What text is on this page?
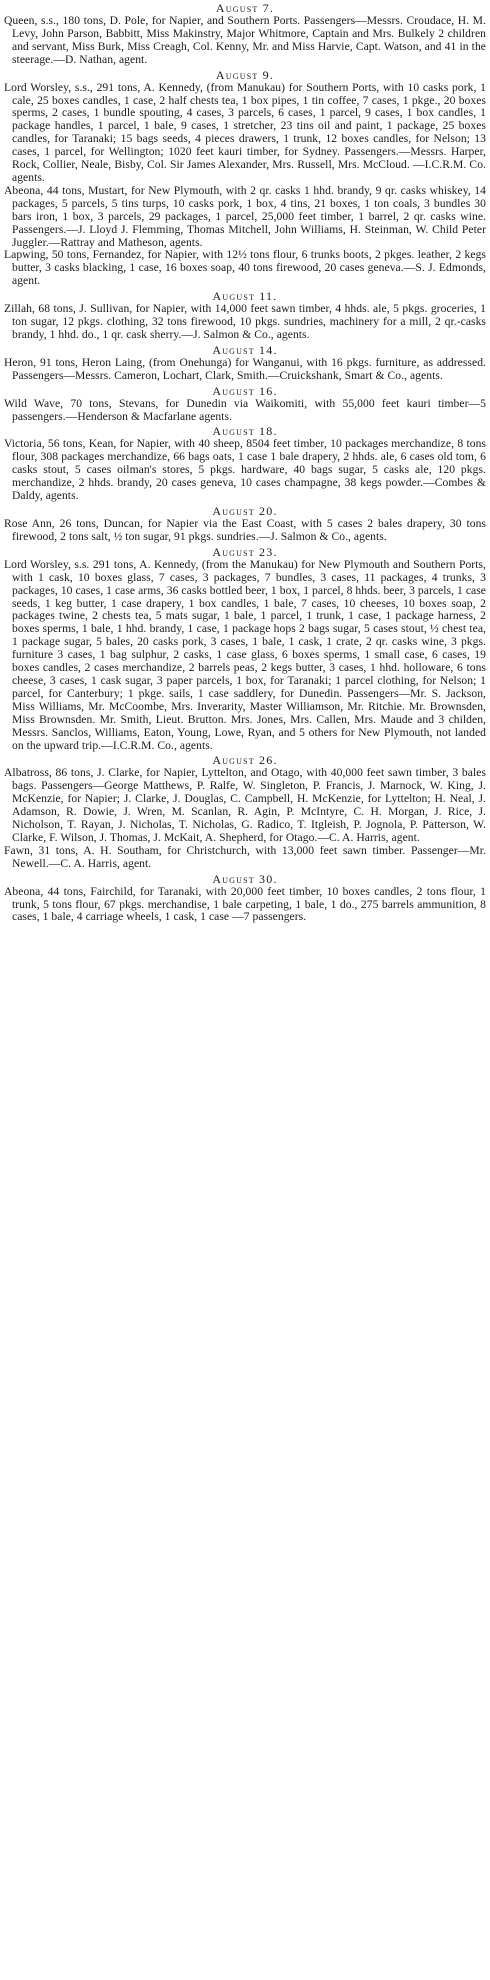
August 7.

Queen, s.s., 180 tons, D. Pole, for Napier, and Southern Ports. Passengers—Messrs. Croudace, H. M. Levy, John Parson, Babbitt, Miss Makinstry, Major Whitmore, Captain and Mrs. Bulkely 2 children and servant, Miss Burk, Miss Creagh, Col. Kenny, Mr. and Miss Harvie, Capt. Watson, and 41 in the steerage.—D. Nathan, agent.

August 9.

Lord Worsley, s.s., 291 tons, A. Kennedy, (from Manukau) for Southern Ports, with 10 casks pork, 1 cale, 25 boxes candles, 1 case, 2 half chests tea, 1 box pipes, 1 tin coffee, 7 cases, 1 pkge., 20 boxes sperms, 2 cases, 1 bundle spouting, 4 cases, 3 parcels, 6 cases, 1 parcel, 9 cases, 1 box candles, 1 package handles, 1 parcel, 1 bale, 9 cases, 1 stretcher, 23 tins oil and paint, 1 package, 25 boxes candles, for Taranaki; 15 bags seeds, 4 pieces drawers, 1 trunk, 12 boxes candles, for Nelson; 13 cases, 1 parcel, for Wellington; 1020 feet kauri timber, for Sydney. Passengers.—Messrs. Harper, Rock, Collier, Neale, Bisby, Col. Sir James Alexander, Mrs. Russell, Mrs. McCloud. —I.C.R.M. Co. agents.

Abeona, 44 tons, Mustart, for New Plymouth, with 2 qr. casks 1 hhd. brandy, 9 qr. casks whiskey, 14 packages, 5 parcels, 5 tins turps, 10 casks pork, 1 box, 4 tins, 21 boxes, 1 ton coals, 3 bundles 30 bars iron, 1 box, 3 parcels, 29 packages, 1 parcel, 25,000 feet timber, 1 barrel, 2 qr. casks wine. Passengers.—J. Lloyd J. Flemming, Thomas Mitchell, John Williams, H. Steinman, W. Child Peter Juggler.—Rattray and Matheson, agents.

Lapwing, 50 tons, Fernandez, for Napier, with 12½ tons flour, 6 trunks boots, 2 pkges. leather, 2 kegs butter, 3 casks blacking, 1 case, 16 boxes soap, 40 tons firewood, 20 cases geneva.—S. J. Edmonds, agent.

August 11.

Zillah, 68 tons, J. Sullivan, for Napier, with 14,000 feet sawn timber, 4 hhds. ale, 5 pkgs. groceries, 1 ton sugar, 12 pkgs. clothing, 32 tons firewood, 10 pkgs. sundries, machinery for a mill, 2 qr.-casks brandy, 1 hhd. do., 1 qr. cask sherry.—J. Salmon & Co., agents.

August 14.

Heron, 91 tons, Heron Laing, (from Onehunga) for Wanganui, with 16 pkgs. furniture, as addressed. Passengers—Messrs. Cameron, Lochart, Clark, Smith.—Cruickshank, Smart & Co., agents.

August 16.

Wild Wave, 70 tons, Stevans, for Dunedin via Waikomiti, with 55,000 feet kauri timber—5 passengers.—Henderson & Macfarlane agents.

August 18.

Victoria, 56 tons, Kean, for Napier, with 40 sheep, 8504 feet timber, 10 packages merchandize, 8 tons flour, 308 packages merchandize, 66 bags oats, 1 case 1 bale drapery, 2 hhds. ale, 6 cases old tom, 6 casks stout, 5 cases oilman's stores, 5 pkgs. hardware, 40 bags sugar, 5 casks ale, 120 pkgs. merchandize, 2 hhds. brandy, 20 cases geneva, 10 cases champagne, 38 kegs powder.—Combes & Daldy, agents.

August 20.

Rose Ann, 26 tons, Duncan, for Napier via the East Coast, with 5 cases 2 bales drapery, 30 tons firewood, 2 tons salt, ½ ton sugar, 91 pkgs. sundries.—J. Salmon & Co., agents.

August 23.

Lord Worsley, s.s. 291 tons, A. Kennedy, (from the Manukau) for New Plymouth and Southern Ports, with 1 cask, 10 boxes glass, 7 cases, 3 packages, 7 bundles, 3 cases, 11 packages, 4 trunks, 3 packages, 10 cases, 1 case arms, 36 casks bottled beer, 1 box, 1 parcel, 8 hhds. beer, 3 parcels, 1 case seeds, 1 keg butter, 1 case drapery, 1 box candles, 1 bale, 7 cases, 10 cheeses, 10 boxes soap, 2 packages twine, 2 chests tea, 5 mats sugar, 1 bale, 1 parcel, 1 trunk, 1 case, 1 package harness, 2 boxes sperms, 1 bale, 1 hhd. brandy, 1 case, 1 package hops 2 bags sugar, 5 cases stout, ½ chest tea, 1 package sugar, 5 bales, 20 casks pork, 3 cases, 1 bale, 1 cask, 1 crate, 2 qr. casks wine, 3 pkgs. furniture 3 cases, 1 bag sulphur, 2 casks, 1 case glass, 6 boxes sperms, 1 small case, 6 cases, 19 boxes candles, 2 cases merchandize, 2 barrels peas, 2 kegs butter, 3 cases, 1 hhd. holloware, 6 tons cheese, 3 cases, 1 cask sugar, 3 paper parcels, 1 box, for Taranaki; 1 parcel clothing, for Nelson; 1 parcel, for Canterbury; 1 pkge. sails, 1 case saddlery, for Dunedin. Passengers—Mr. S. Jackson, Miss Williams, Mr. McCoombe, Mrs. Inverarity, Master Williamson, Mr. Ritchie. Mr. Brownsden, Miss Brownsden. Mr. Smith, Lieut. Brutton. Mrs. Jones, Mrs. Callen, Mrs. Maude and 3 childen, Messrs. Sanclos, Williams, Eaton, Young, Lowe, Ryan, and 5 others for New Plymouth, not landed on the upward trip.—I.C.R.M. Co., agents.

August 26.

Albatross, 86 tons, J. Clarke, for Napier, Lyttelton, and Otago, with 40,000 feet sawn timber, 3 bales bags. Passengers—George Matthews, P. Ralfe, W. Singleton, P. Francis, J. Marnock, W. King, J. McKenzie, for Napier; J. Clarke, J. Douglas, C. Campbell, H. McKenzie, for Lyttelton; H. Neal, J. Adamson, R. Dowie, J. Wren, M. Scanlan, R. Agin, P. McIntyre, C. H. Morgan, J. Rice, J. Nicholson, T. Rayan, J. Nicholas, T. Nicholas, G. Radico, T. Itgleish, P. Jognola, P. Patterson, W. Clarke, F. Wilson, J. Thomas, J. McKait, A. Shepherd, for Otago.—C. A. Harris, agent.

Fawn, 31 tons, A. H. Southam, for Christchurch, with 13,000 feet sawn timber. Passenger—Mr. Newell.—C. A. Harris, agent.

August 30.

Abeona, 44 tons, Fairchild, for Taranaki, with 20,000 feet timber, 10 boxes candles, 2 tons flour, 1 trunk, 5 tons flour, 67 pkgs. merchandise, 1 bale carpeting, 1 bale, 1 do., 275 barrels ammunition, 8 cases, 1 bale, 4 carriage wheels, 1 cask, 1 case —7 passengers.
